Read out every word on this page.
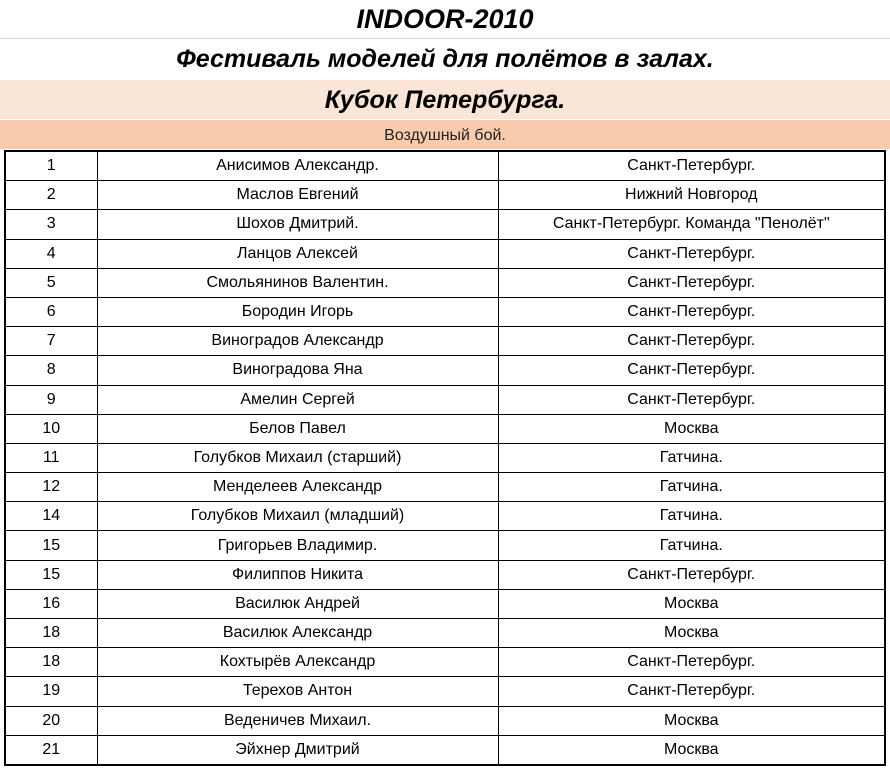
INDOOR-2010
Фестиваль моделей для полётов в залах.
Кубок Петербурга.
Воздушный бой.
1	Анисимов Александр.	Санкт-Петербург.
2	Маслов Евгений	Нижний Новгород
3	Шохов Дмитрий.	Санкт-Петербург. Команда "Пенолёт"
4	Ланцов Алексей	Санкт-Петербург.
5	Смольянинов Валентин.	Санкт-Петербург.
6	Бородин Игорь	Санкт-Петербург.
7	Виноградов Александр	Санкт-Петербург.
8	Виноградова Яна	Санкт-Петербург.
9	Амелин Сергей	Санкт-Петербург.
10	Белов Павел	Москва
11	Голубков Михаил (старший)	Гатчина.
12	Менделеев Александр	Гатчина.
14	Голубков Михаил (младший)	Гатчина.
15	Григорьев Владимир.	Гатчина.
15	Филиппов Никита	Санкт-Петербург.
16	Василюк Андрей	Москва
18	Василюк Александр	Москва
18	Кохтырёв Александр	Санкт-Петербург.
19	Терехов Антон	Санкт-Петербург.
20	Веденичев Михаил.	Москва
21	Эйхнер Дмитрий	Москва
